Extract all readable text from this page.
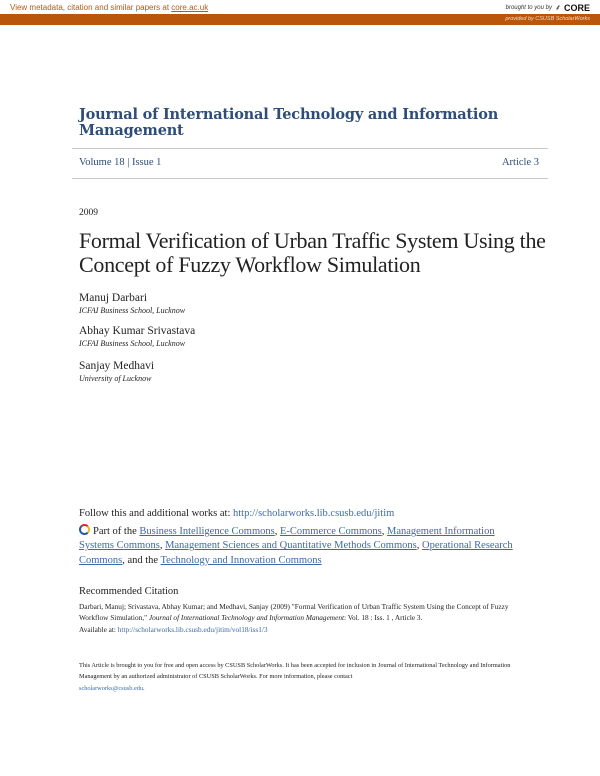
View metadata, citation and similar papers at core.ac.uk	brought to you by ⸙ CORE
provided by CSUSB ScholarWorks
Journal of International Technology and Information Management
Volume 18 | Issue 1	Article 3
2009
Formal Verification of Urban Traffic System Using the Concept of Fuzzy Workflow Simulation
Manuj Darbari
ICFAI Business School, Lucknow
Abhay Kumar Srivastava
ICFAI Business School, Lucknow
Sanjay Medhavi
University of Lucknow
Follow this and additional works at: http://scholarworks.lib.csusb.edu/jitim
Part of the Business Intelligence Commons, E-Commerce Commons, Management Information Systems Commons, Management Sciences and Quantitative Methods Commons, Operational Research Commons, and the Technology and Innovation Commons
Recommended Citation
Darbari, Manuj; Srivastava, Abhay Kumar; and Medhavi, Sanjay (2009) "Formal Verification of Urban Traffic System Using the Concept of Fuzzy Workflow Simulation," Journal of International Technology and Information Management: Vol. 18 : Iss. 1 , Article 3.
Available at: http://scholarworks.lib.csusb.edu/jitim/vol18/iss1/3
This Article is brought to you for free and open access by CSUSB ScholarWorks. It has been accepted for inclusion in Journal of International Technology and Information Management by an authorized administrator of CSUSB ScholarWorks. For more information, please contact
scholarworks@csusb.edu.
